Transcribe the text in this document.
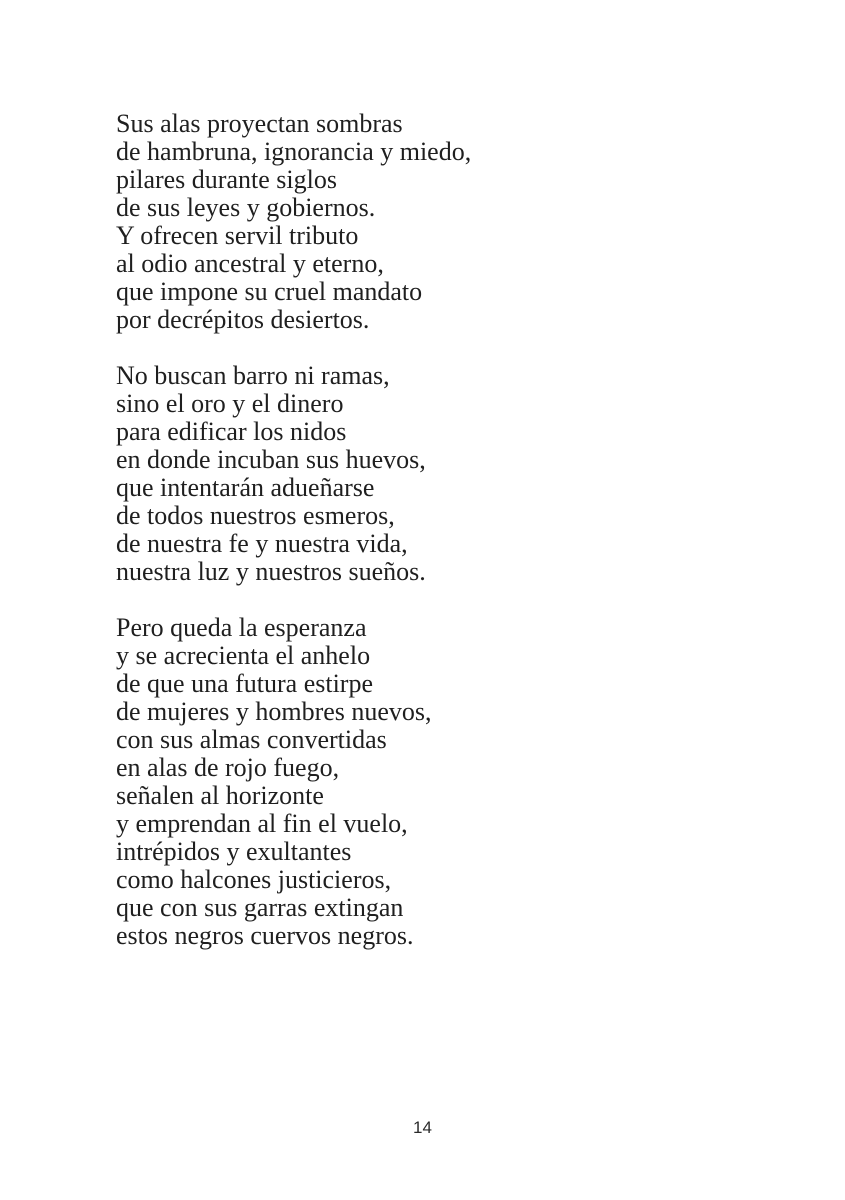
Sus alas proyectan sombras

de hambruna, ignorancia y miedo,

pilares durante siglos

de sus leyes y gobiernos.

Y ofrecen servil tributo

al odio ancestral y eterno,

que impone su cruel mandato

por decrépitos desiertos.

No buscan barro ni ramas,

sino el oro y el dinero

para edificar los nidos

en donde incuban sus huevos,

que intentarán adueñarse

de todos nuestros esmeros,

de nuestra fe y nuestra vida,

nuestra luz y nuestros sueños.

Pero queda la esperanza

y se acrecienta el anhelo

de que una futura estirpe

de mujeres y hombres nuevos,

con sus almas convertidas

en alas de rojo fuego,

señalen al horizonte

y emprendan al fin el vuelo,

intrépidos y exultantes

como halcones justicieros,

que con sus garras extingan

estos negros cuervos negros.

14
